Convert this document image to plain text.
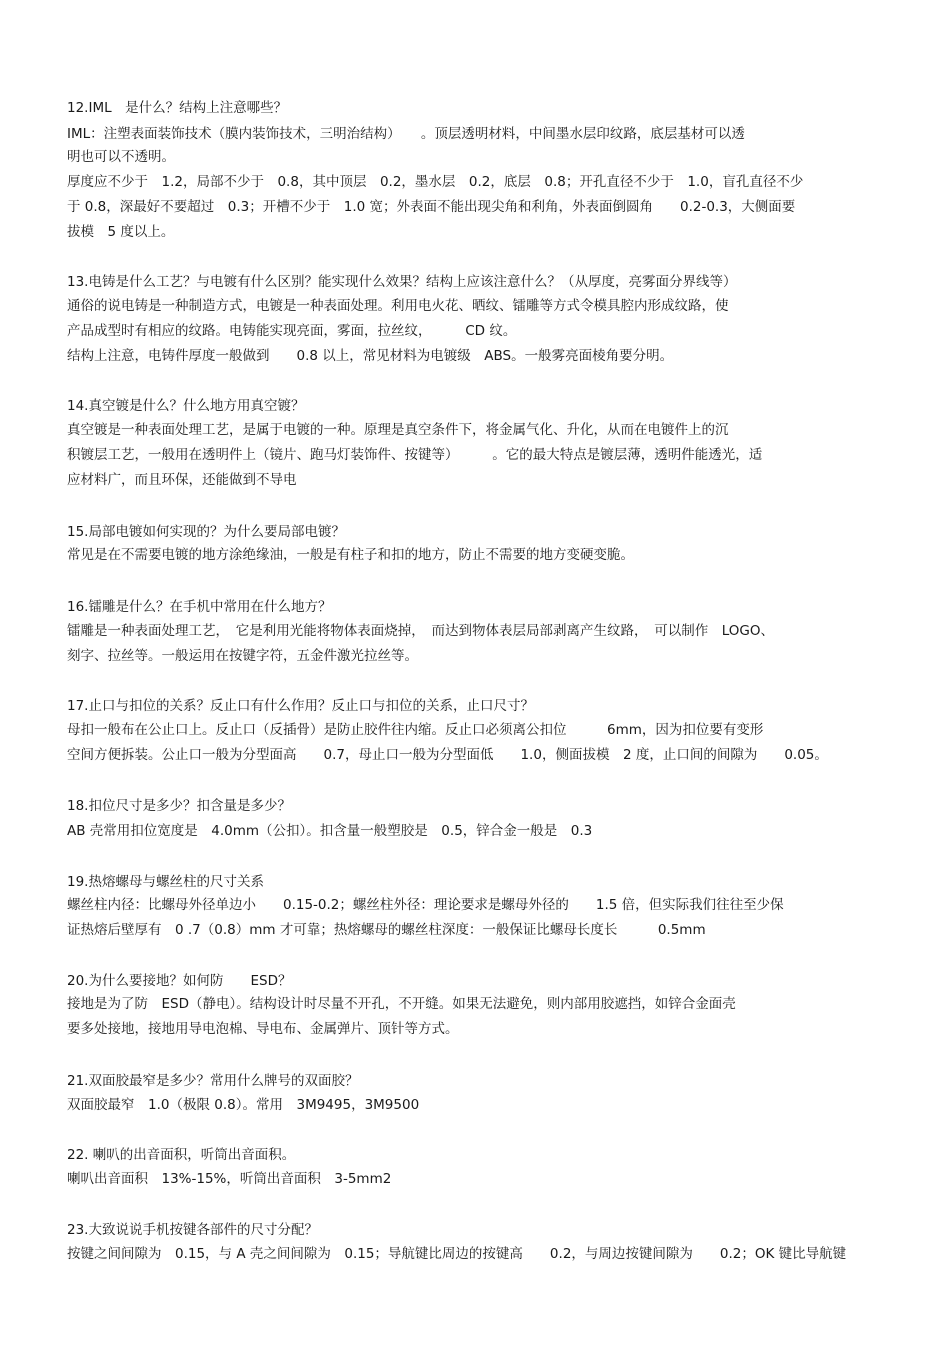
12.IML　是什么？结构上注意哪些？
IML：注塑表面装饰技术（膜内装饰技术，三明治结构）　　。顶层透明材料，中间墨水层印纹路，底层基材可以透
明也可以不透明。
厚度应不少于　1.2，局部不少于　0.8，其中顶层　0.2，墨水层　0.2，底层　0.8；开孔直径不少于　1.0，盲孔直径不少
于 0.8，深最好不要超过　0.3；开槽不少于　1.0 宽；外表面不能出现尖角和利角，外表面倒圆角　　0.2-0.3，大侧面要
拔模　5 度以上。
13.电铸是什么工艺？与电镀有什么区别？能实现什么效果？结构上应该注意什么？（从厚度，亮雾面分界线等）
通俗的说电铸是一种制造方式，电镀是一种表面处理。利用电火花、晒纹、镭雕等方式令模具腔内形成纹路，使
产品成型时有相应的纹路。电铸能实现亮面，雾面，拉丝纹，　　　CD 纹。
结构上注意，电铸件厚度一般做到　　0.8 以上，常见材料为电镀级　ABS。一般雾亮面棱角要分明。
14.真空镀是什么？什么地方用真空镀？
真空镀是一种表面处理工艺，是属于电镀的一种。原理是真空条件下，将金属气化、升化，从而在电镀件上的沉
积镀层工艺，一般用在透明件上（镜片、跑马灯装饰件、按键等）　　　。它的最大特点是镀层薄，透明件能透光，适
应材料广，而且环保，还能做到不导电
15.局部电镀如何实现的？为什么要局部电镀？
常见是在不需要电镀的地方涂绝缘油，一般是有柱子和扣的地方，防止不需要的地方变硬变脆。
16.镭雕是什么？在手机中常用在什么地方？
镭雕是一种表面处理工艺，　它是利用光能将物体表面烧掉，　而达到物体表层局部剥离产生纹路，　可以制作　LOGO、
刻字、拉丝等。一般运用在按键字符，五金件激光拉丝等。
17.止口与扣位的关系？反止口有什么作用？反止口与扣位的关系，止口尺寸？
母扣一般布在公止口上。反止口（反插骨）是防止胶件往内缩。反止口必须离公扣位　　　6mm，因为扣位要有变形
空间方便拆装。公止口一般为分型面高　　0.7，母止口一般为分型面低　　1.0，侧面拔模　2 度，止口间的间隙为　　0.05。
18.扣位尺寸是多少？扣含量是多少？
AB 壳常用扣位宽度是　4.0mm（公扣）。扣含量一般塑胶是　0.5，锌合金一般是　0.3
19.热熔螺母与螺丝柱的尺寸关系
螺丝柱内径：比螺母外径单边小　　0.15-0.2；螺丝柱外径：理论要求是螺母外径的　　1.5 倍，但实际我们往往至少保
证热熔后壁厚有　0 .7（0.8）mm 才可靠；热熔螺母的螺丝柱深度：一般保证比螺母长度长　　　0.5mm
20.为什么要接地？如何防　　ESD？
接地是为了防　ESD（静电）。结构设计时尽量不开孔，不开缝。如果无法避免，则内部用胶遮挡，如锌合金面壳
要多处接地，接地用导电泡棉、导电布、金属弹片、顶针等方式。
21.双面胶最窄是多少？常用什么牌号的双面胶？
双面胶最窄　1.0（极限 0.8）。常用　3M9495，3M9500
22. 喇叭的出音面积，听筒出音面积。
喇叭出音面积　13%-15%，听筒出音面积　3-5mm2
23.大致说说手机按键各部件的尺寸分配？
按键之间间隙为　0.15，与 A 壳之间间隙为　0.15；导航键比周边的按键高　　0.2，与周边按键间隙为　　0.2；OK 键比导航键
